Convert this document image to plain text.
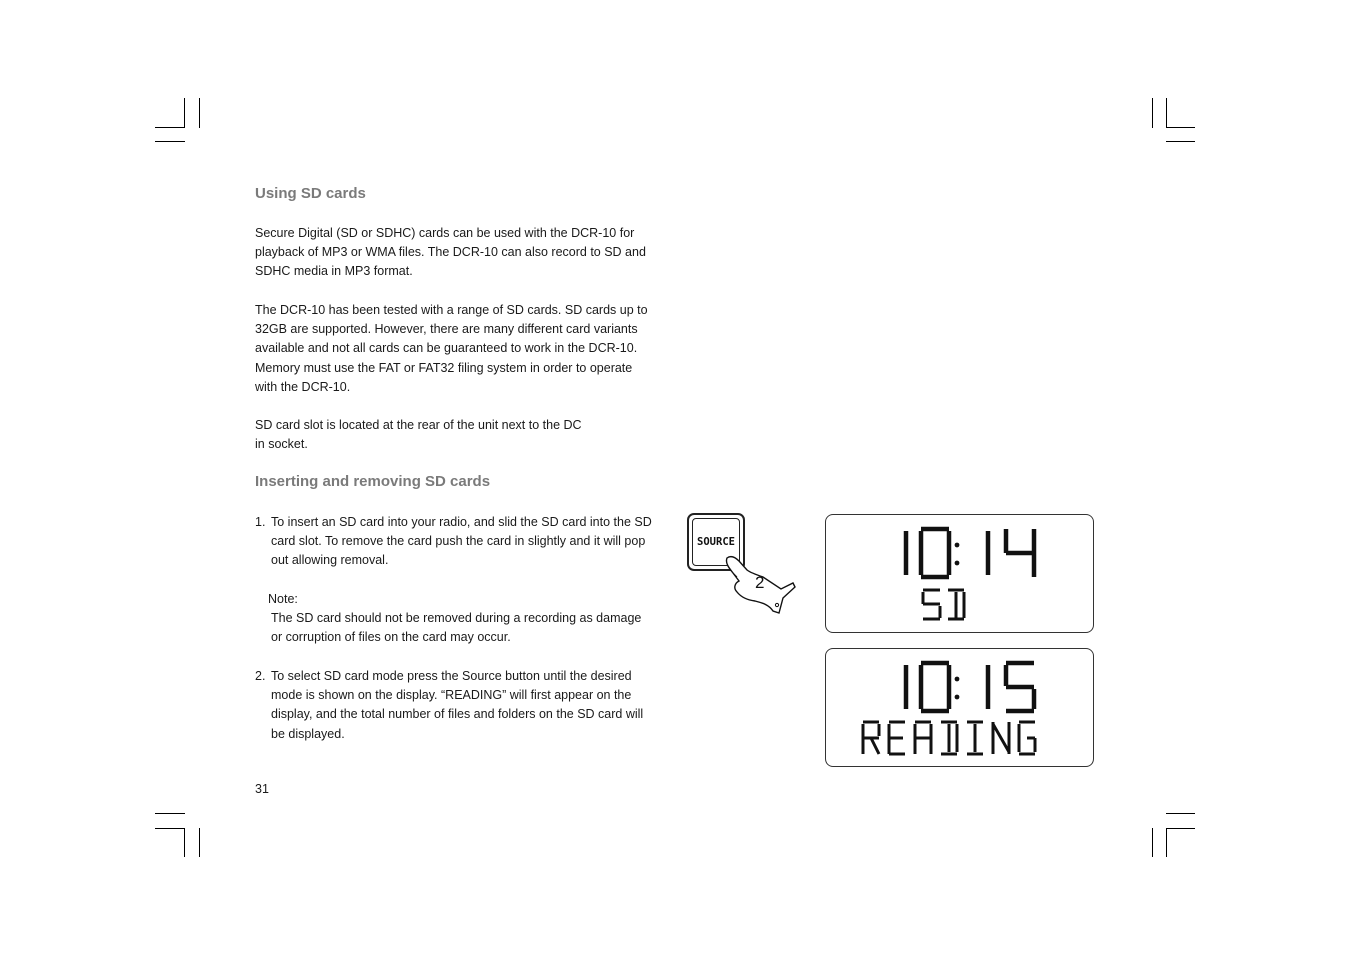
Using SD cards

Secure Digital (SD or SDHC) cards can be used with the DCR-10 for playback of MP3 or WMA files. The DCR-10 can also record to SD and SDHC media in MP3 format.

The DCR-10 has been tested with a range of SD cards. SD cards up to 32GB are supported. However, there are many different card variants available and not all cards can be guaranteed to work in the DCR-10. Memory must use the FAT or FAT32 filing system in order to operate with the DCR-10.

SD card slot is located at the rear of the unit next to the DC
in socket.

Inserting and removing SD cards
1. To insert an SD card into your radio, and slid the SD card into the SD card slot. To remove the card push the card in slightly and it will pop out allowing removal.
Note:
The SD card should not be removed during a recording as damage or corruption of files on the card may occur.
2. To select SD card mode press the Source button until the desired mode is shown on the display. “READING” will first appear on the display, and the total number of files and folders on the SD card will be displayed.
31
SOURCE
2
